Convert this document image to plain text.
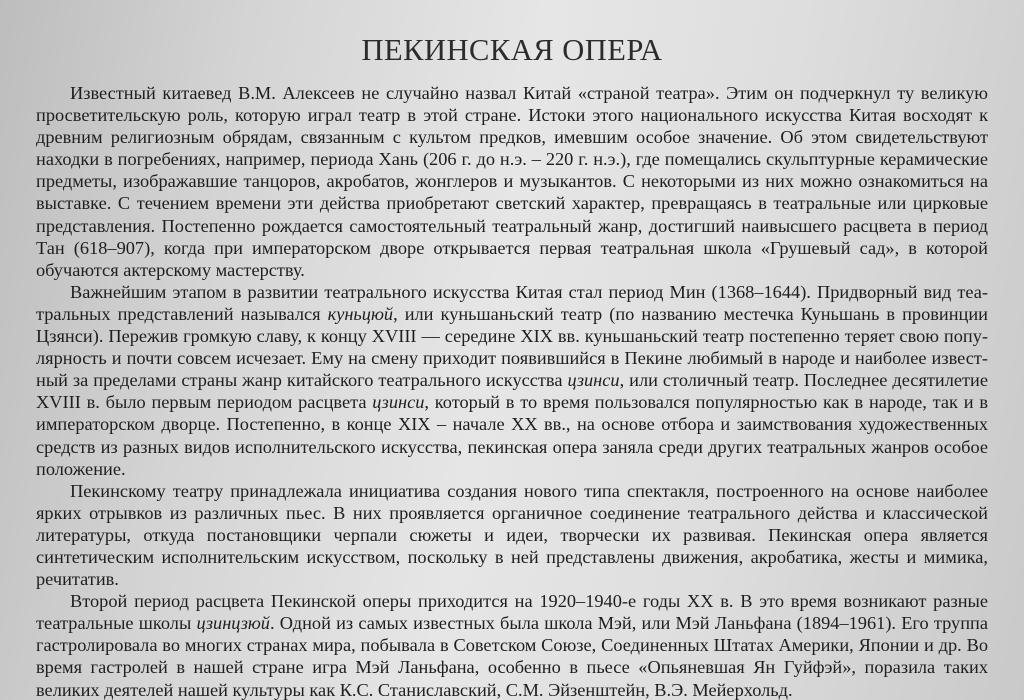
ПЕКИНСКАЯ ОПЕРА

Известный китаевед В.М. Алексеев не случайно назвал Китай «страной театра». Этим он подчеркнул ту великую просветительскую роль, которую играл театр в этой стране. Истоки этого национального искусства Китая восходят к древним религиозным обрядам, связанным с культом предков, имевшим особое значение. Об этом свидетельствуют находки в погребениях, например, периода Хань (206 г. до н.э. – 220 г. н.э.), где помещались скульптурные керамические предметы, изображавшие танцоров, акробатов, жонглеров и музыкантов. С некоторыми из них можно ознакомиться на выставке. С течением времени эти действа приобретают светский характер, превращаясь в театральные или цирковые представления. Постепенно рождается самостоятельный театральный жанр, достигший наивысшего расцвета в период Тан (618–907), когда при императорском дворе открывается первая театральная школа «Грушевый сад», в которой обучаются актерскому мастерству.

Важнейшим этапом в развитии театрального искусства Китая стал период Мин (1368–1644). Придворный вид театральных представлений назывался куньцюй, или куньшаньский театр (по названию местечка Куньшань в провинции Цзянси). Пережив громкую славу, к концу XVIII — середине XIX вв. куньшаньский театр постепенно теряет свою популярность и почти совсем исчезает. Ему на смену приходит появившийся в Пекине любимый в народе и наиболее известный за пределами страны жанр китайского театрального искусства цзинси, или столичный театр. Последнее десятилетие XVIII в. было первым периодом расцвета цзинси, который в то время пользовался популярностью как в народе, так и в императорском дворце. Постепенно, в конце XIX – начале XX вв., на основе отбора и заимствования художественных средств из разных видов исполнительского искусства, пекинская опера заняла среди других театральных жанров особое положение.

Пекинскому театру принадлежала инициатива создания нового типа спектакля, построенного на основе наиболее ярких отрывков из различных пьес. В них проявляется органичное соединение театрального действа и классической литературы, откуда постановщики черпали сюжеты и идеи, творчески их развивая. Пекинская опера является синтетическим исполнительским искусством, поскольку в ней представлены движения, акробатика, жесты и мимика, речитатив.

Второй период расцвета Пекинской оперы приходится на 1920–1940-е годы XX в. В это время возникают разные театральные школы цзинцзюй. Одной из самых известных была школа Мэй, или Мэй Ланьфана (1894–1961). Его труппа гастролировала во многих странах мира, побывала в Советском Союзе, Соединенных Штатах Америки, Японии и др. Во время гастролей в нашей стране игра Мэй Ланьфана, особенно в пьесе «Опьяневшая Ян Гуйфэй», поразила таких великих деятелей нашей культуры как К.С. Станиславский, С.М. Эйзенштейн, В.Э. Мейерхольд.
